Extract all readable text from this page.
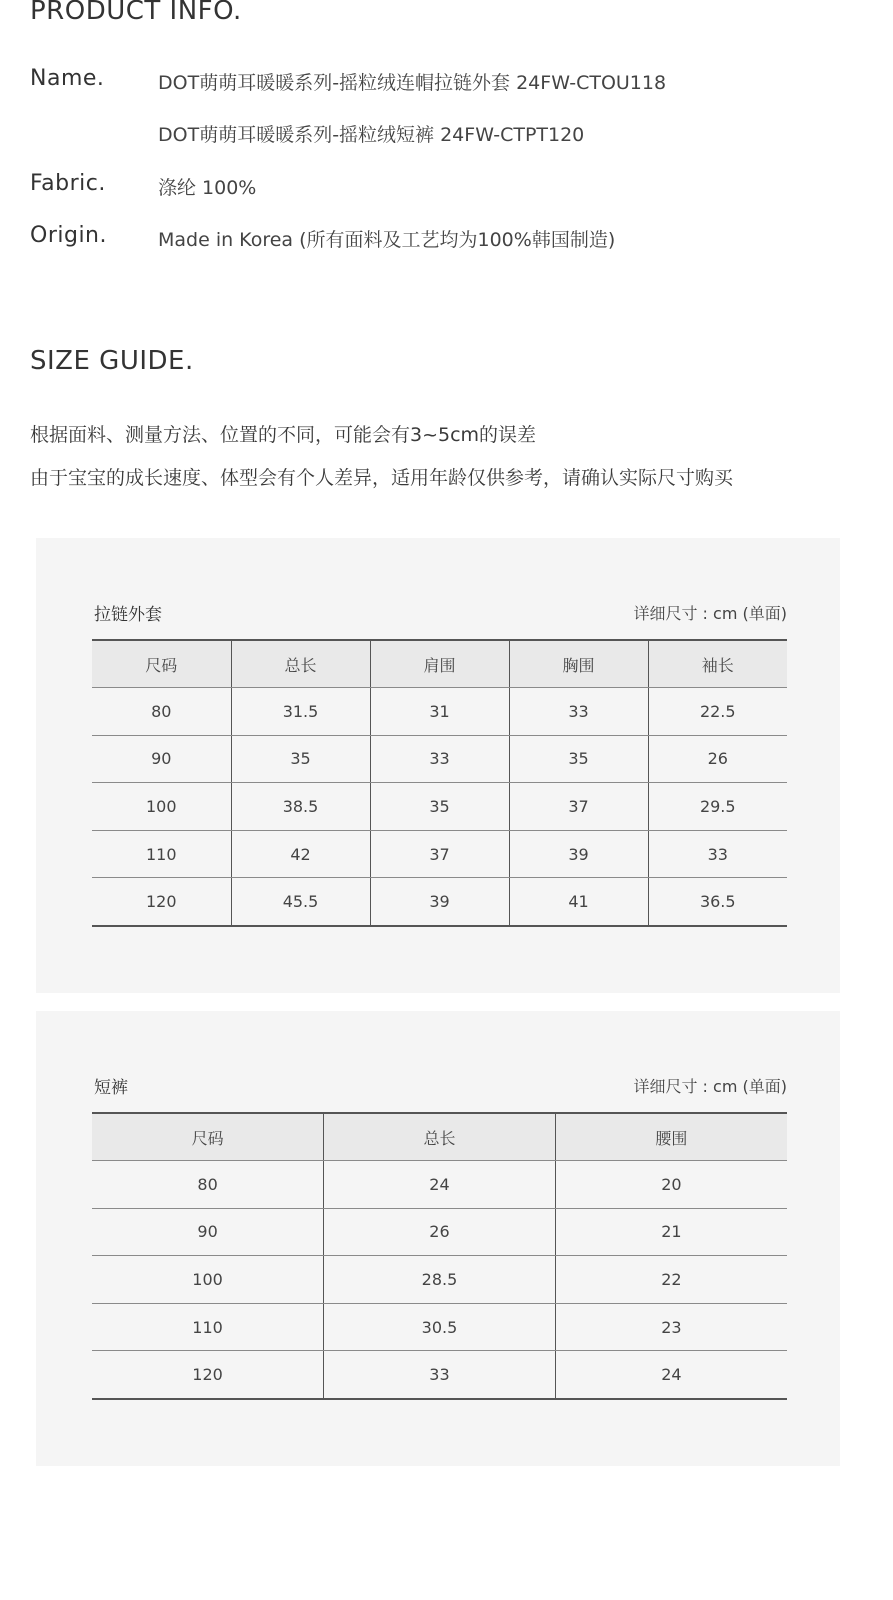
PRODUCT INFO.
Name.	DOT萌萌耳暖暖系列-摇粒绒连帽拉链外套 24FW-CTOU118
DOT萌萌耳暖暖系列-摇粒绒短裤 24FW-CTPT120
Fabric.	涤纶 100%
Origin.	Made in Korea (所有面料及工艺均为100%韩国制造)
SIZE GUIDE.

根据面料、测量方法、位置的不同，可能会有3~5cm的误差

由于宝宝的成长速度、体型会有个人差异，适用年龄仅供参考，请确认实际尺寸购买

拉链外套	详细尺寸 : cm (单面)
尺码	总长	肩围	胸围	袖长
80	31.5	31	33	22.5
90	35	33	35	26
100	38.5	35	37	29.5
110	42	37	39	33
120	45.5	39	41	36.5
短裤	详细尺寸 : cm (单面)
尺码	总长	腰围
80	24	20
90	26	21
100	28.5	22
110	30.5	23
120	33	24
